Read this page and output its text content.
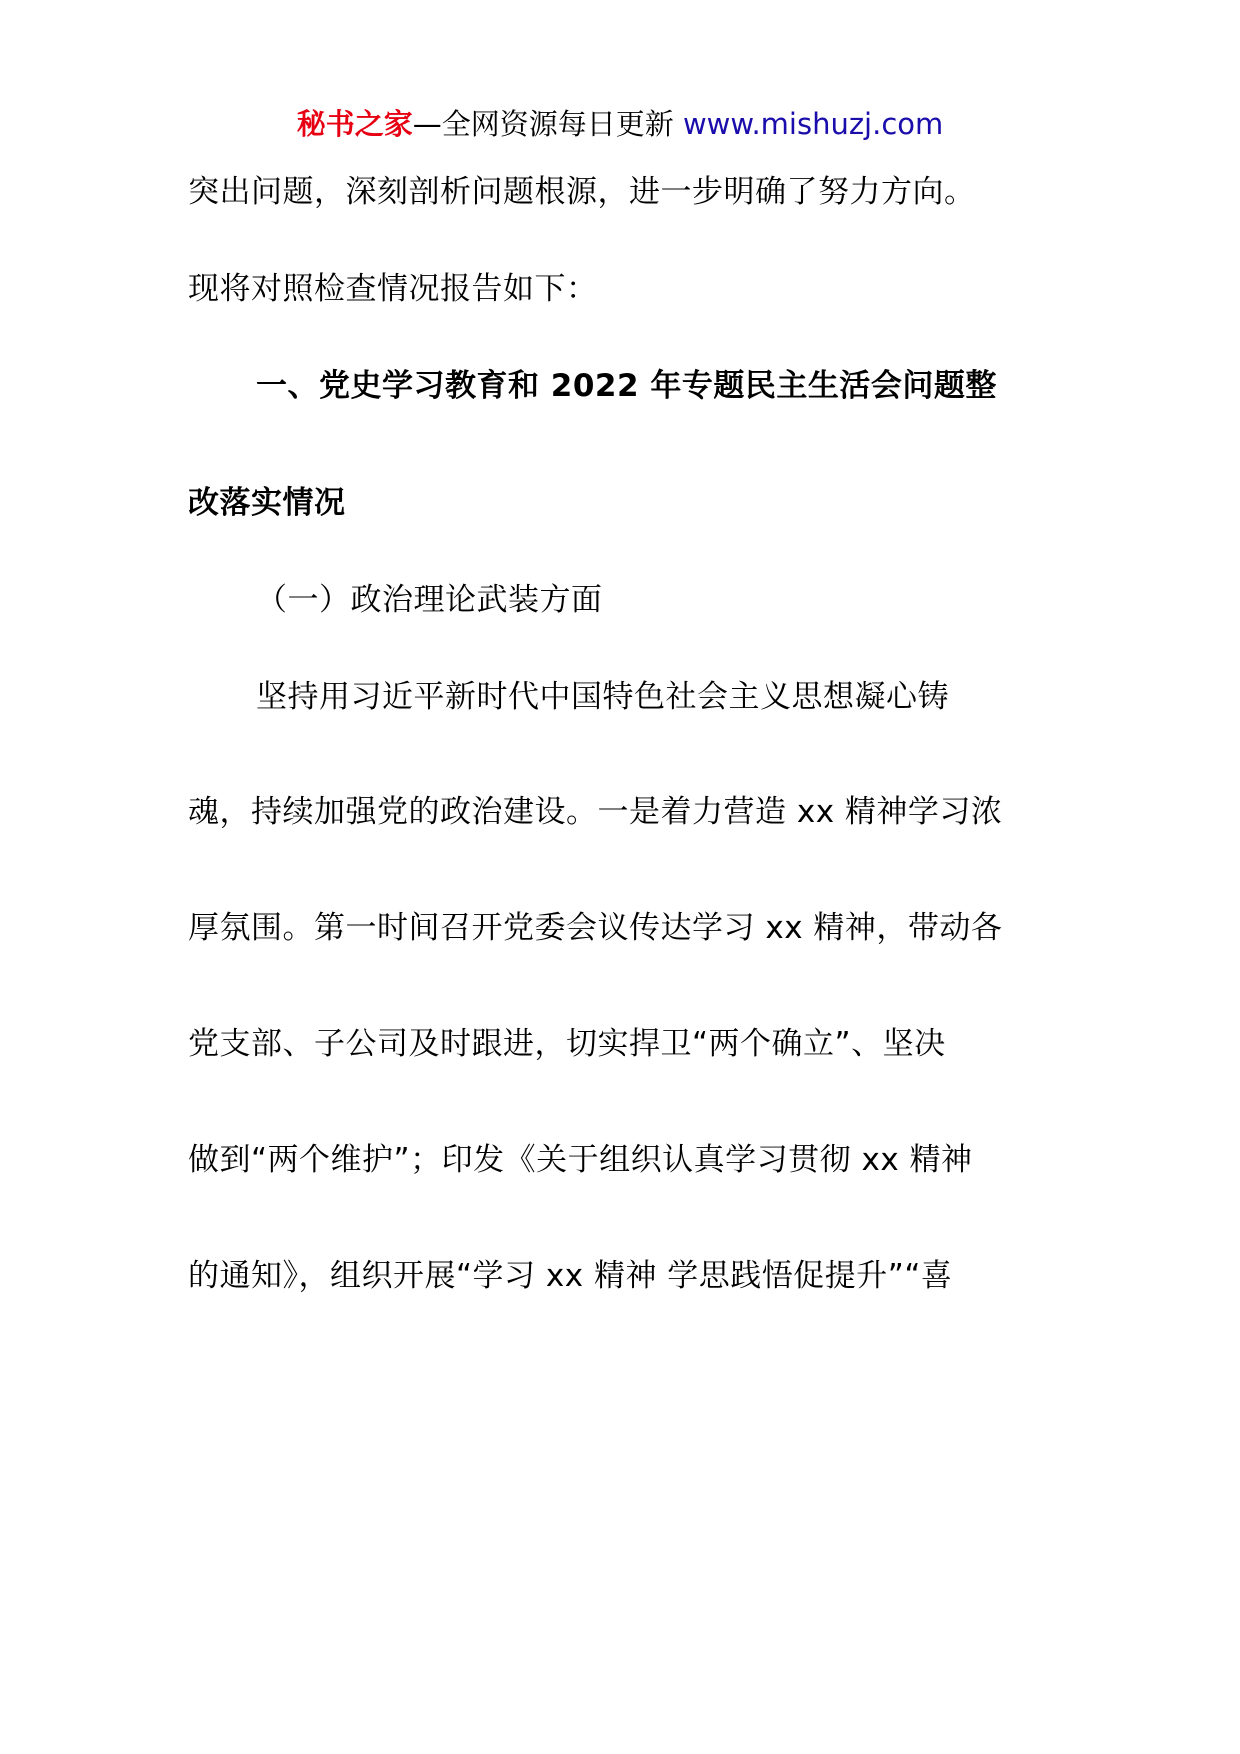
秘书之家—全网资源每日更新 www.mishuzj.com
突出问题，深刻剖析问题根源，进一步明确了努力方向。
现将对照检查情况报告如下：
一、党史学习教育和 2022 年专题民主生活会问题整
改落实情况
（一）政治理论武装方面
坚持用习近平新时代中国特色社会主义思想凝心铸
魂，持续加强党的政治建设。一是着力营造 xx 精神学习浓
厚氛围。第一时间召开党委会议传达学习 xx 精神，带动各
党支部、子公司及时跟进，切实捍卫“两个确立”、坚决
做到“两个维护”；印发《关于组织认真学习贯彻 xx 精神
的通知》，组织开展“学习 xx 精神 学思践悟促提升”“喜
